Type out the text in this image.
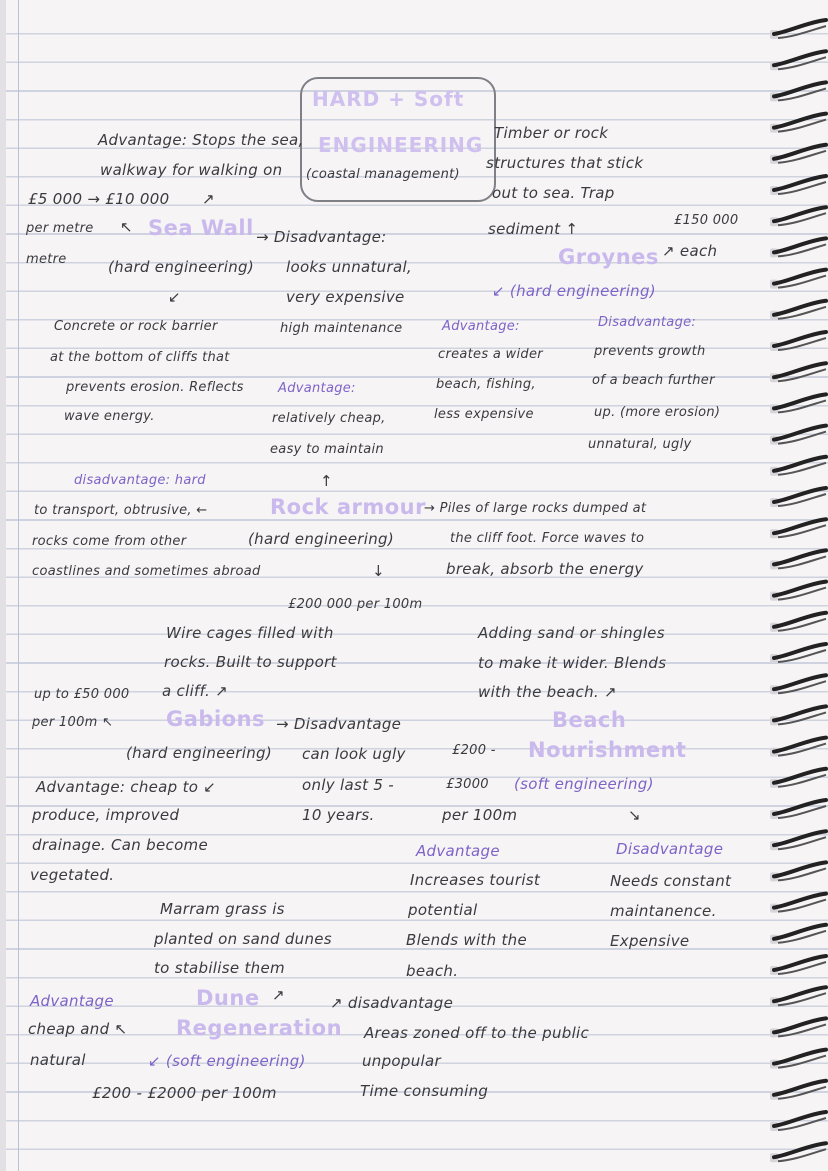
HARD + Soft
ENGINEERING
(coastal management)
Advantage: Stops the sea,
walkway for walking on
£5 000 → £10 000 ↗
per metre ↖ Sea Wall → Disadvantage:
metre	(hard engineering) looks unnatural,
↙	very expensive
Concrete or rock barrier	high maintenance
at the bottom of cliffs that
prevents erosion. Reflects
wave energy.
Timber or rock
structures that stick
out to sea. Trap
sediment ↑	£150 000
Groynes ↗ each
↙ (hard engineering)
Advantage:	Disadvantage:
creates a wider	prevents growth
beach, fishing,	of a beach further
less expensive	up. (more erosion)
unnatural, ugly
Advantage:
relatively cheap,
easy to maintain
disadvantage: hard	↑
to transport, obtrusive, ←	Rock armour
→ Piles of large rocks dumped at
rocks come from other	(hard engineering)	the cliff foot. Force waves to
coastlines and sometimes abroad	↓	break, absorb the energy
£200 000 per 100m
Wire cages filled with
rocks. Built to support
a cliff. ↗
up to £50 000
per 100m ↖	Gabions → Disadvantage
(hard engineering) can look ugly
Advantage: cheap to ↙	only last 5 -
produce, improved	10 years.
drainage. Can become
vegetated.
Adding sand or shingles
to make it wider. Blends
with the beach. ↗
Beach
£200 - Nourishment
£3000 (soft engineering)
per 100m	↘
Advantage	Disadvantage
Increases tourist	Needs constant
potential	maintanence.
Blends with the	Expensive
beach.
Marram grass is
planted on sand dunes
to stabilise them
Advantage	Dune ↗	↗ disadvantage
cheap and ↖ Regeneration Areas zoned off to the public
natural	↙ (soft engineering)	unpopular
£200 - £2000 per 100m	Time consuming
